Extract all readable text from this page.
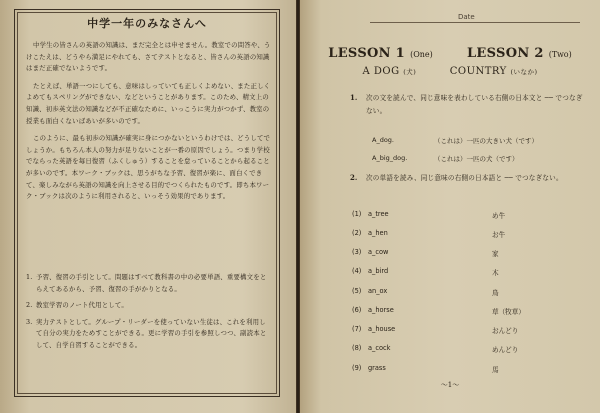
中学一年のみなさんへ

中学生の皆さんの英語の知識は、まだ完全とは申せません。教室での問答や、うけこたえは、どうやら満足にやれても、さてテストとなると、皆さんの英語の知識はまだ正確でないようです。

たとえば、単語一つにしても、意味はしっていても正しくよめない、また正しくよめてもスペリングができない、などということがあります。このため、精文上の知識、初歩英文法の知識などが不正確なために、いっこうに実力がつかず、教室の授業も面白くないばあいが多いのです。

このように、最も初歩の知識が確実に身につかないというわけでは、どうしてでしょうか。もちろん本人の努力が足りないことが一番の原因でしょう。つまり学校でならった英語を毎日復習（ふくしゅう）することを怠っていることから起ることが多いのです。本ワーク・ブックは、思うがちな予習、復習が楽に、面白くできて、楽しみながら英語の知識を向上させる目的でつくられたものです。即ち本ワーク・ブックは次のように利用されると、いっそう効果的であります。

1. 予習、復習の手引として。問題はすべて教科書の中の必要単語、重要構文をとらえてあるから、予習、復習の手がかりとなる。
2. 教室学習のノート代用として。
3. 実力テストとして。グループ・リーダーを使っていない生徒は、これを利用して自分の実力をためすことができる。更に学習の手引を参照しつつ、副読本として、自学自習することができる。
Date
LESSON 1 (One)	LESSON 2 (Two)
A DOG (犬)	COUNTRY (いなか)
1. 次の文を読んで、同じ意味を表わしている右側の日本文と ── でつなぎない。
A_dog.	（これは）一匹の大きい犬（です）
A_big_dog.	（これは）一匹の犬（です）
2. 次の単語を読み、同じ意味の右側の日本語と ── でつなぎない。
(1) a_tree	め牛
(2) a_hen	お牛
(3) a_cow	家
(4) a_bird	木
(5) an_ox	鳥
(6) a_horse	草（牧草）
(7) a_house	おんどり
(8) a_cock	めんどり
(9) grass	馬
～1～
